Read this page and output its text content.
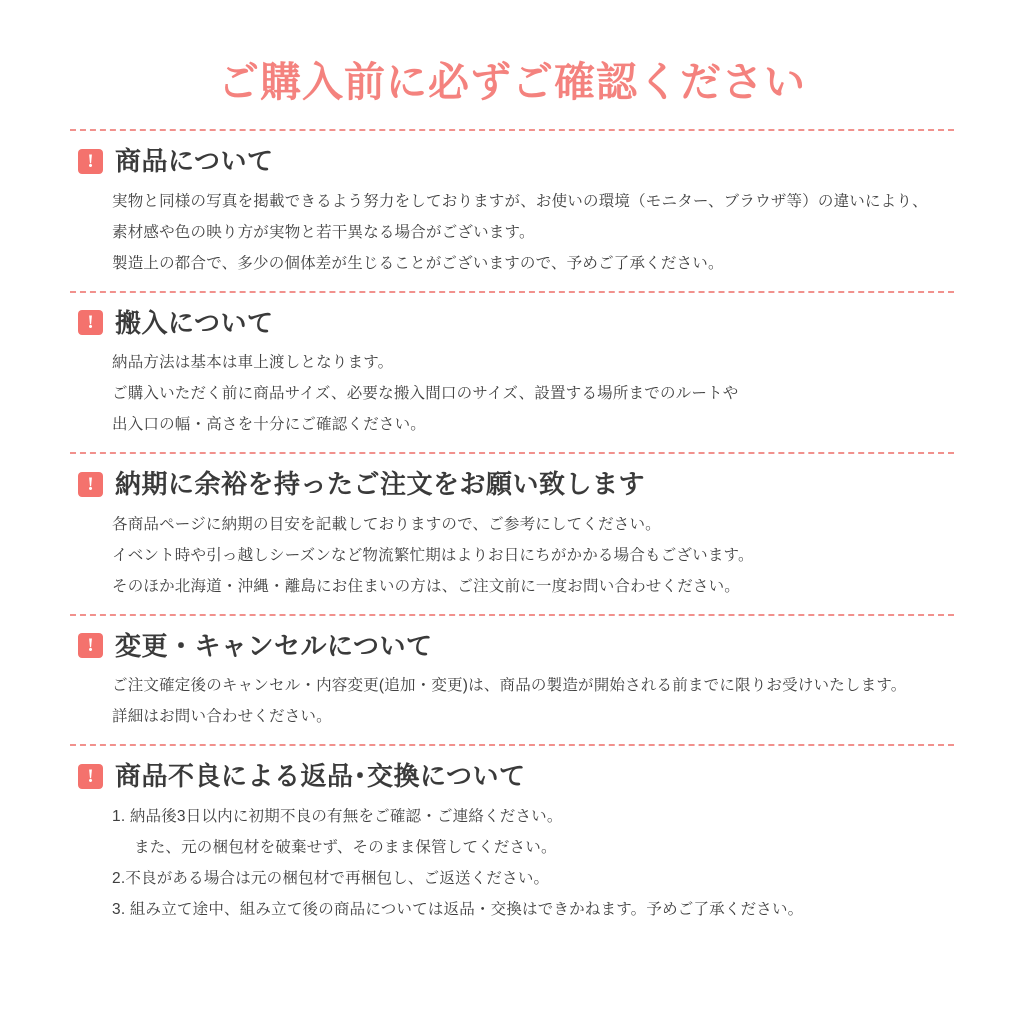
ご購入前に必ずご確認ください
! 商品について

実物と同様の写真を掲載できるよう努力をしておりますが、お使いの環境（モニター、ブラウザ等）の違いにより、

素材感や色の映り方が実物と若干異なる場合がございます。

製造上の都合で、多少の個体差が生じることがございますので、予めご了承ください。

! 搬入について

納品方法は基本は車上渡しとなります。

ご購入いただく前に商品サイズ、必要な搬入間口のサイズ、設置する場所までのルートや

出入口の幅・高さを十分にご確認ください。

! 納期に余裕を持ったご注文をお願い致します

各商品ページに納期の目安を記載しておりますので、ご参考にしてください。

イベント時や引っ越しシーズンなど物流繁忙期はよりお日にちがかかる場合もございます。

そのほか北海道・沖縄・離島にお住まいの方は、ご注文前に一度お問い合わせください。

! 変更・キャンセルについて

ご注文確定後のキャンセル・内容変更(追加・変更)は、商品の製造が開始される前までに限りお受けいたします。

詳細はお問い合わせください。

! 商品不良による返品･交換について

1. 納品後3日以内に初期不良の有無をご確認・ご連絡ください。

また、元の梱包材を破棄せず、そのまま保管してください。

2.不良がある場合は元の梱包材で再梱包し、ご返送ください。

3. 組み立て途中、組み立て後の商品については返品・交換はできかねます。予めご了承ください。
